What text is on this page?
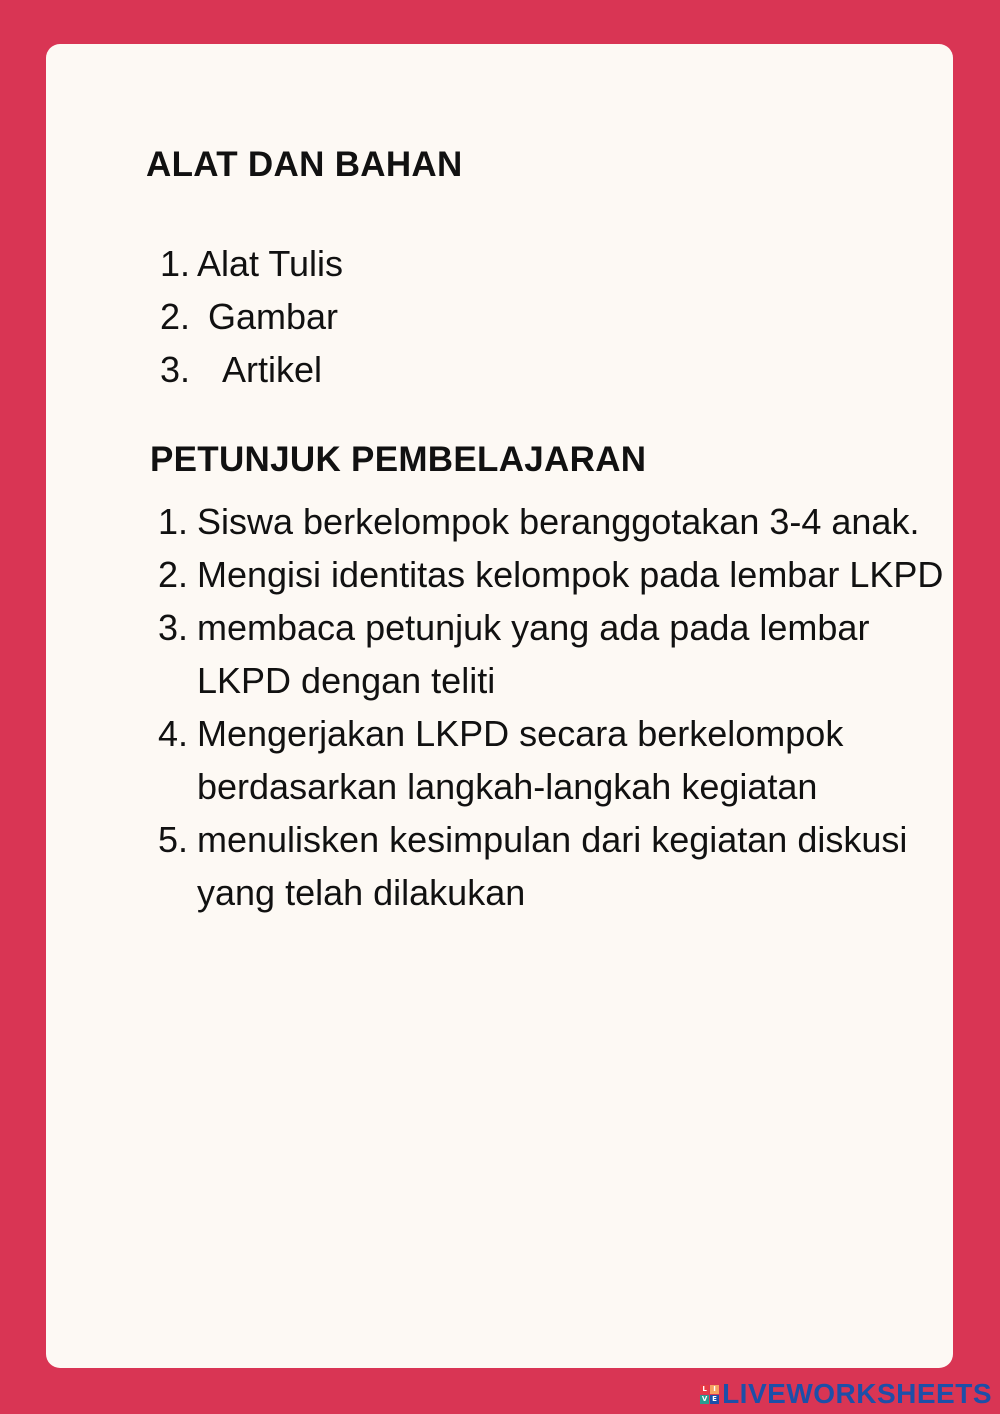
ALAT DAN BAHAN
1. Alat Tulis
2. Gambar
3. Artikel
PETUNJUK PEMBELAJARAN
1. Siswa berkelompok beranggotakan 3-4 anak.
2. Mengisi identitas kelompok pada lembar LKPD
3. membaca petunjuk yang ada pada lembar LKPD dengan teliti
4. Mengerjakan LKPD secara berkelompok berdasarkan langkah-langkah kegiatan
5. menulisken kesimpulan dari kegiatan diskusi yang telah dilakukan
L I
V E LIVEWORKSHEETS
